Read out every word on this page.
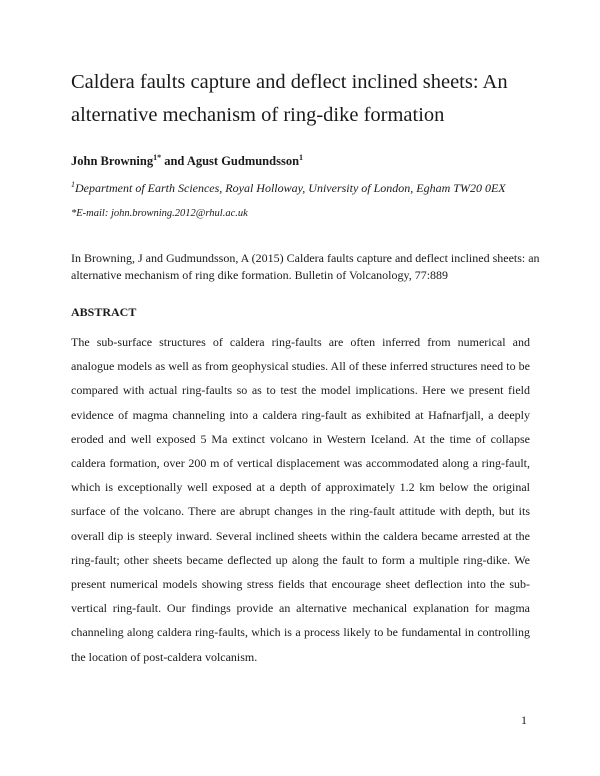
Caldera faults capture and deflect inclined sheets: An alternative mechanism of ring-dike formation
John Browning$^{1*}$ and Agust Gudmundsson$^1$
$^1$Department of Earth Sciences, Royal Holloway, University of London, Egham TW20 0EX
*E-mail: john.browning.2012@rhul.ac.uk
In Browning, J and Gudmundsson, A (2015) Caldera faults capture and deflect inclined sheets: an alternative mechanism of ring dike formation. Bulletin of Volcanology, 77:889
ABSTRACT

The sub-surface structures of caldera ring-faults are often inferred from numerical and analogue models as well as from geophysical studies. All of these inferred structures need to be compared with actual ring-faults so as to test the model implications. Here we present field evidence of magma channeling into a caldera ring-fault as exhibited at Hafnarfjall, a deeply eroded and well exposed 5 Ma extinct volcano in Western Iceland. At the time of collapse caldera formation, over 200 m of vertical displacement was accommodated along a ring-fault, which is exceptionally well exposed at a depth of approximately 1.2 km below the original surface of the volcano. There are abrupt changes in the ring-fault attitude with depth, but its overall dip is steeply inward. Several inclined sheets within the caldera became arrested at the ring-fault; other sheets became deflected up along the fault to form a multiple ring-dike. We present numerical models showing stress fields that encourage sheet deflection into the sub-vertical ring-fault. Our findings provide an alternative mechanical explanation for magma channeling along caldera ring-faults, which is a process likely to be fundamental in controlling the location of post-caldera volcanism.

1
